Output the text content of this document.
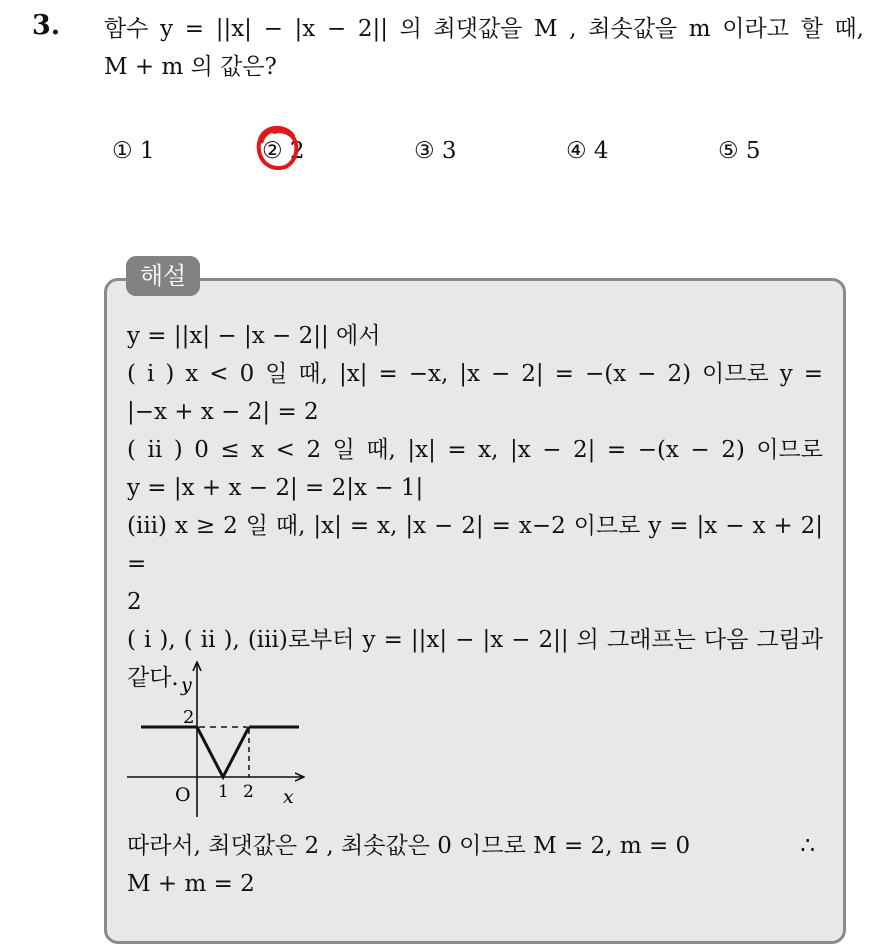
3. 함수 y = ||x| − |x − 2|| 의 최댓값을 M , 최솟값을 m 이라고 할 때,
M + m 의 값은?
① 1	② 2	③ 3	④ 4	⑤ 5
y = ||x| − |x − 2|| 에서
( i ) x < 0 일 때, |x| = −x, |x − 2| = −(x − 2) 이므로 y =
|−x + x − 2| = 2
( ii ) 0 ≤ x < 2 일 때, |x| = x, |x − 2| = −(x − 2) 이므로
y = |x + x − 2| = 2|x − 1|
(iii) x ≥ 2 일 때, |x| = x, |x − 2| = x−2 이므로 y = |x − x + 2| =
2
( i ), ( ii ), (iii)로부터 y = ||x| − |x − 2|| 의 그래프는 다음 그림과
같다. y
2
O 1 2 x
따라서, 최댓값은 2 , 최솟값은 0 이므로 M = 2, m = 0	∴
M + m = 2
해설
